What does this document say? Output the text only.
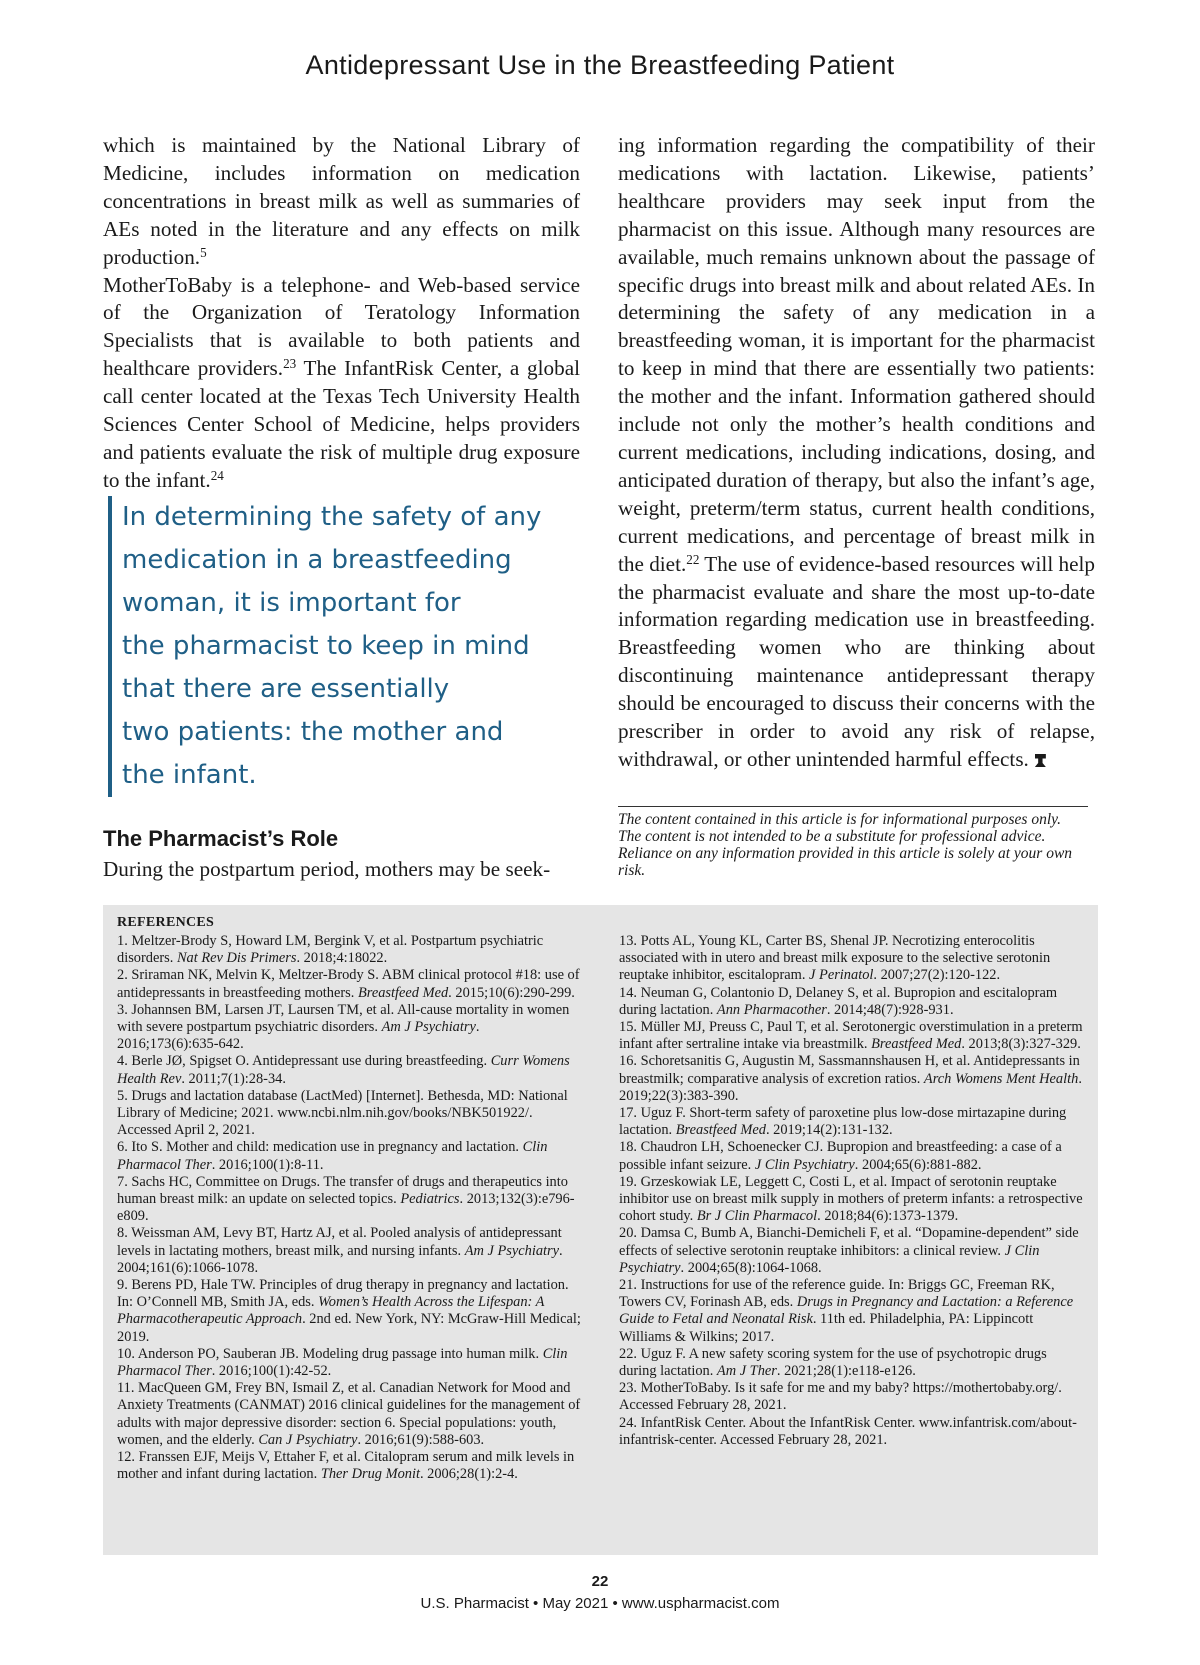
Antidepressant Use in the Breastfeeding Patient

which is maintained by the National Library of Medicine, includes information on medication concentrations in breast milk as well as summaries of AEs noted in the literature and any effects on milk production.$^5$

MotherToBaby is a telephone- and Web-based service of the Organization of Teratology Information Specialists that is available to both patients and healthcare providers.$^{23}$ The InfantRisk Center, a global call center located at the Texas Tech University Health Sciences Center School of Medicine, helps providers and patients evaluate the risk of multiple drug exposure to the infant.$^{24}$

In determining the safety of any
medication in a breastfeeding
woman, it is important for
the pharmacist to keep in mind
that there are essentially
two patients: the mother and
the infant.
The Pharmacist’s Role
During the postpartum period, mothers may be seek-

ing information regarding the compatibility of their medications with lactation. Likewise, patients’ healthcare providers may seek input from the pharmacist on this issue. Although many resources are available, much remains unknown about the passage of specific drugs into breast milk and about related AEs. In determining the safety of any medication in a breastfeeding woman, it is important for the pharmacist to keep in mind that there are essentially two patients: the mother and the infant. Information gathered should include not only the mother’s health conditions and current medications, including indications, dosing, and anticipated duration of therapy, but also the infant’s age, weight, preterm/term status, current health conditions, current medications, and percentage of breast milk in the diet.$^{22}$ The use of evidence-based resources will help the pharmacist evaluate and share the most up-to-date information regarding medication use in breastfeeding. Breastfeeding women who are thinking about discontinuing maintenance antidepressant therapy should be encouraged to discuss their concerns with the prescriber in order to avoid any risk of relapse, withdrawal, or other unintended harmful effects.

The content contained in this article is for informational purposes only. The content is not intended to be a substitute for professional advice. Reliance on any information provided in this article is solely at your own risk.
REFERENCES

1. Meltzer-Brody S, Howard LM, Bergink V, et al. Postpartum psychiatric disorders. Nat Rev Dis Primers. 2018;4:18022.

2. Sriraman NK, Melvin K, Meltzer-Brody S. ABM clinical protocol #18: use of antidepressants in breastfeeding mothers. Breastfeed Med. 2015;10(6):290-299.

3. Johannsen BM, Larsen JT, Laursen TM, et al. All-cause mortality in women with severe postpartum psychiatric disorders. Am J Psychiatry. 2016;173(6):635-642.

4. Berle JØ, Spigset O. Antidepressant use during breastfeeding. Curr Womens Health Rev. 2011;7(1):28-34.

5. Drugs and lactation database (LactMed) [Internet]. Bethesda, MD: National Library of Medicine; 2021. www.ncbi.nlm.nih.gov/books/NBK501922/. Accessed April 2, 2021.

6. Ito S. Mother and child: medication use in pregnancy and lactation. Clin Pharmacol Ther. 2016;100(1):8-11.

7. Sachs HC, Committee on Drugs. The transfer of drugs and therapeutics into human breast milk: an update on selected topics. Pediatrics. 2013;132(3):e796-e809.

8. Weissman AM, Levy BT, Hartz AJ, et al. Pooled analysis of antidepressant levels in lactating mothers, breast milk, and nursing infants. Am J Psychiatry. 2004;161(6):1066-1078.

9. Berens PD, Hale TW. Principles of drug therapy in pregnancy and lactation. In: O’Connell MB, Smith JA, eds. Women’s Health Across the Lifespan: A Pharmacotherapeutic Approach. 2nd ed. New York, NY: McGraw-Hill Medical; 2019.

10. Anderson PO, Sauberan JB. Modeling drug passage into human milk. Clin Pharmacol Ther. 2016;100(1):42-52.

11. MacQueen GM, Frey BN, Ismail Z, et al. Canadian Network for Mood and Anxiety Treatments (CANMAT) 2016 clinical guidelines for the management of adults with major depressive disorder: section 6. Special populations: youth, women, and the elderly. Can J Psychiatry. 2016;61(9):588-603.

12. Franssen EJF, Meijs V, Ettaher F, et al. Citalopram serum and milk levels in mother and infant during lactation. Ther Drug Monit. 2006;28(1):2-4.

13. Potts AL, Young KL, Carter BS, Shenal JP. Necrotizing enterocolitis associated with in utero and breast milk exposure to the selective serotonin reuptake inhibitor, escitalopram. J Perinatol. 2007;27(2):120-122.

14. Neuman G, Colantonio D, Delaney S, et al. Bupropion and escitalopram during lactation. Ann Pharmacother. 2014;48(7):928-931.

15. Müller MJ, Preuss C, Paul T, et al. Serotonergic overstimulation in a preterm infant after sertraline intake via breastmilk. Breastfeed Med. 2013;8(3):327-329.

16. Schoretsanitis G, Augustin M, Sassmannshausen H, et al. Antidepressants in breastmilk; comparative analysis of excretion ratios. Arch Womens Ment Health. 2019;22(3):383-390.

17. Uguz F. Short-term safety of paroxetine plus low-dose mirtazapine during lactation. Breastfeed Med. 2019;14(2):131-132.

18. Chaudron LH, Schoenecker CJ. Bupropion and breastfeeding: a case of a possible infant seizure. J Clin Psychiatry. 2004;65(6):881-882.

19. Grzeskowiak LE, Leggett C, Costi L, et al. Impact of serotonin reuptake inhibitor use on breast milk supply in mothers of preterm infants: a retrospective cohort study. Br J Clin Pharmacol. 2018;84(6):1373-1379.

20. Damsa C, Bumb A, Bianchi-Demicheli F, et al. “Dopamine-dependent” side effects of selective serotonin reuptake inhibitors: a clinical review. J Clin Psychiatry. 2004;65(8):1064-1068.

21. Instructions for use of the reference guide. In: Briggs GC, Freeman RK, Towers CV, Forinash AB, eds. Drugs in Pregnancy and Lactation: a Reference Guide to Fetal and Neonatal Risk. 11th ed. Philadelphia, PA: Lippincott Williams & Wilkins; 2017.

22. Uguz F. A new safety scoring system for the use of psychotropic drugs during lactation. Am J Ther. 2021;28(1):e118-e126.

23. MotherToBaby. Is it safe for me and my baby? https://mothertobaby.org/. Accessed February 28, 2021.

24. InfantRisk Center. About the InfantRisk Center. www.infantrisk.com/about-infantrisk-center. Accessed February 28, 2021.

22
U.S. Pharmacist • May 2021 • www.uspharmacist.com
